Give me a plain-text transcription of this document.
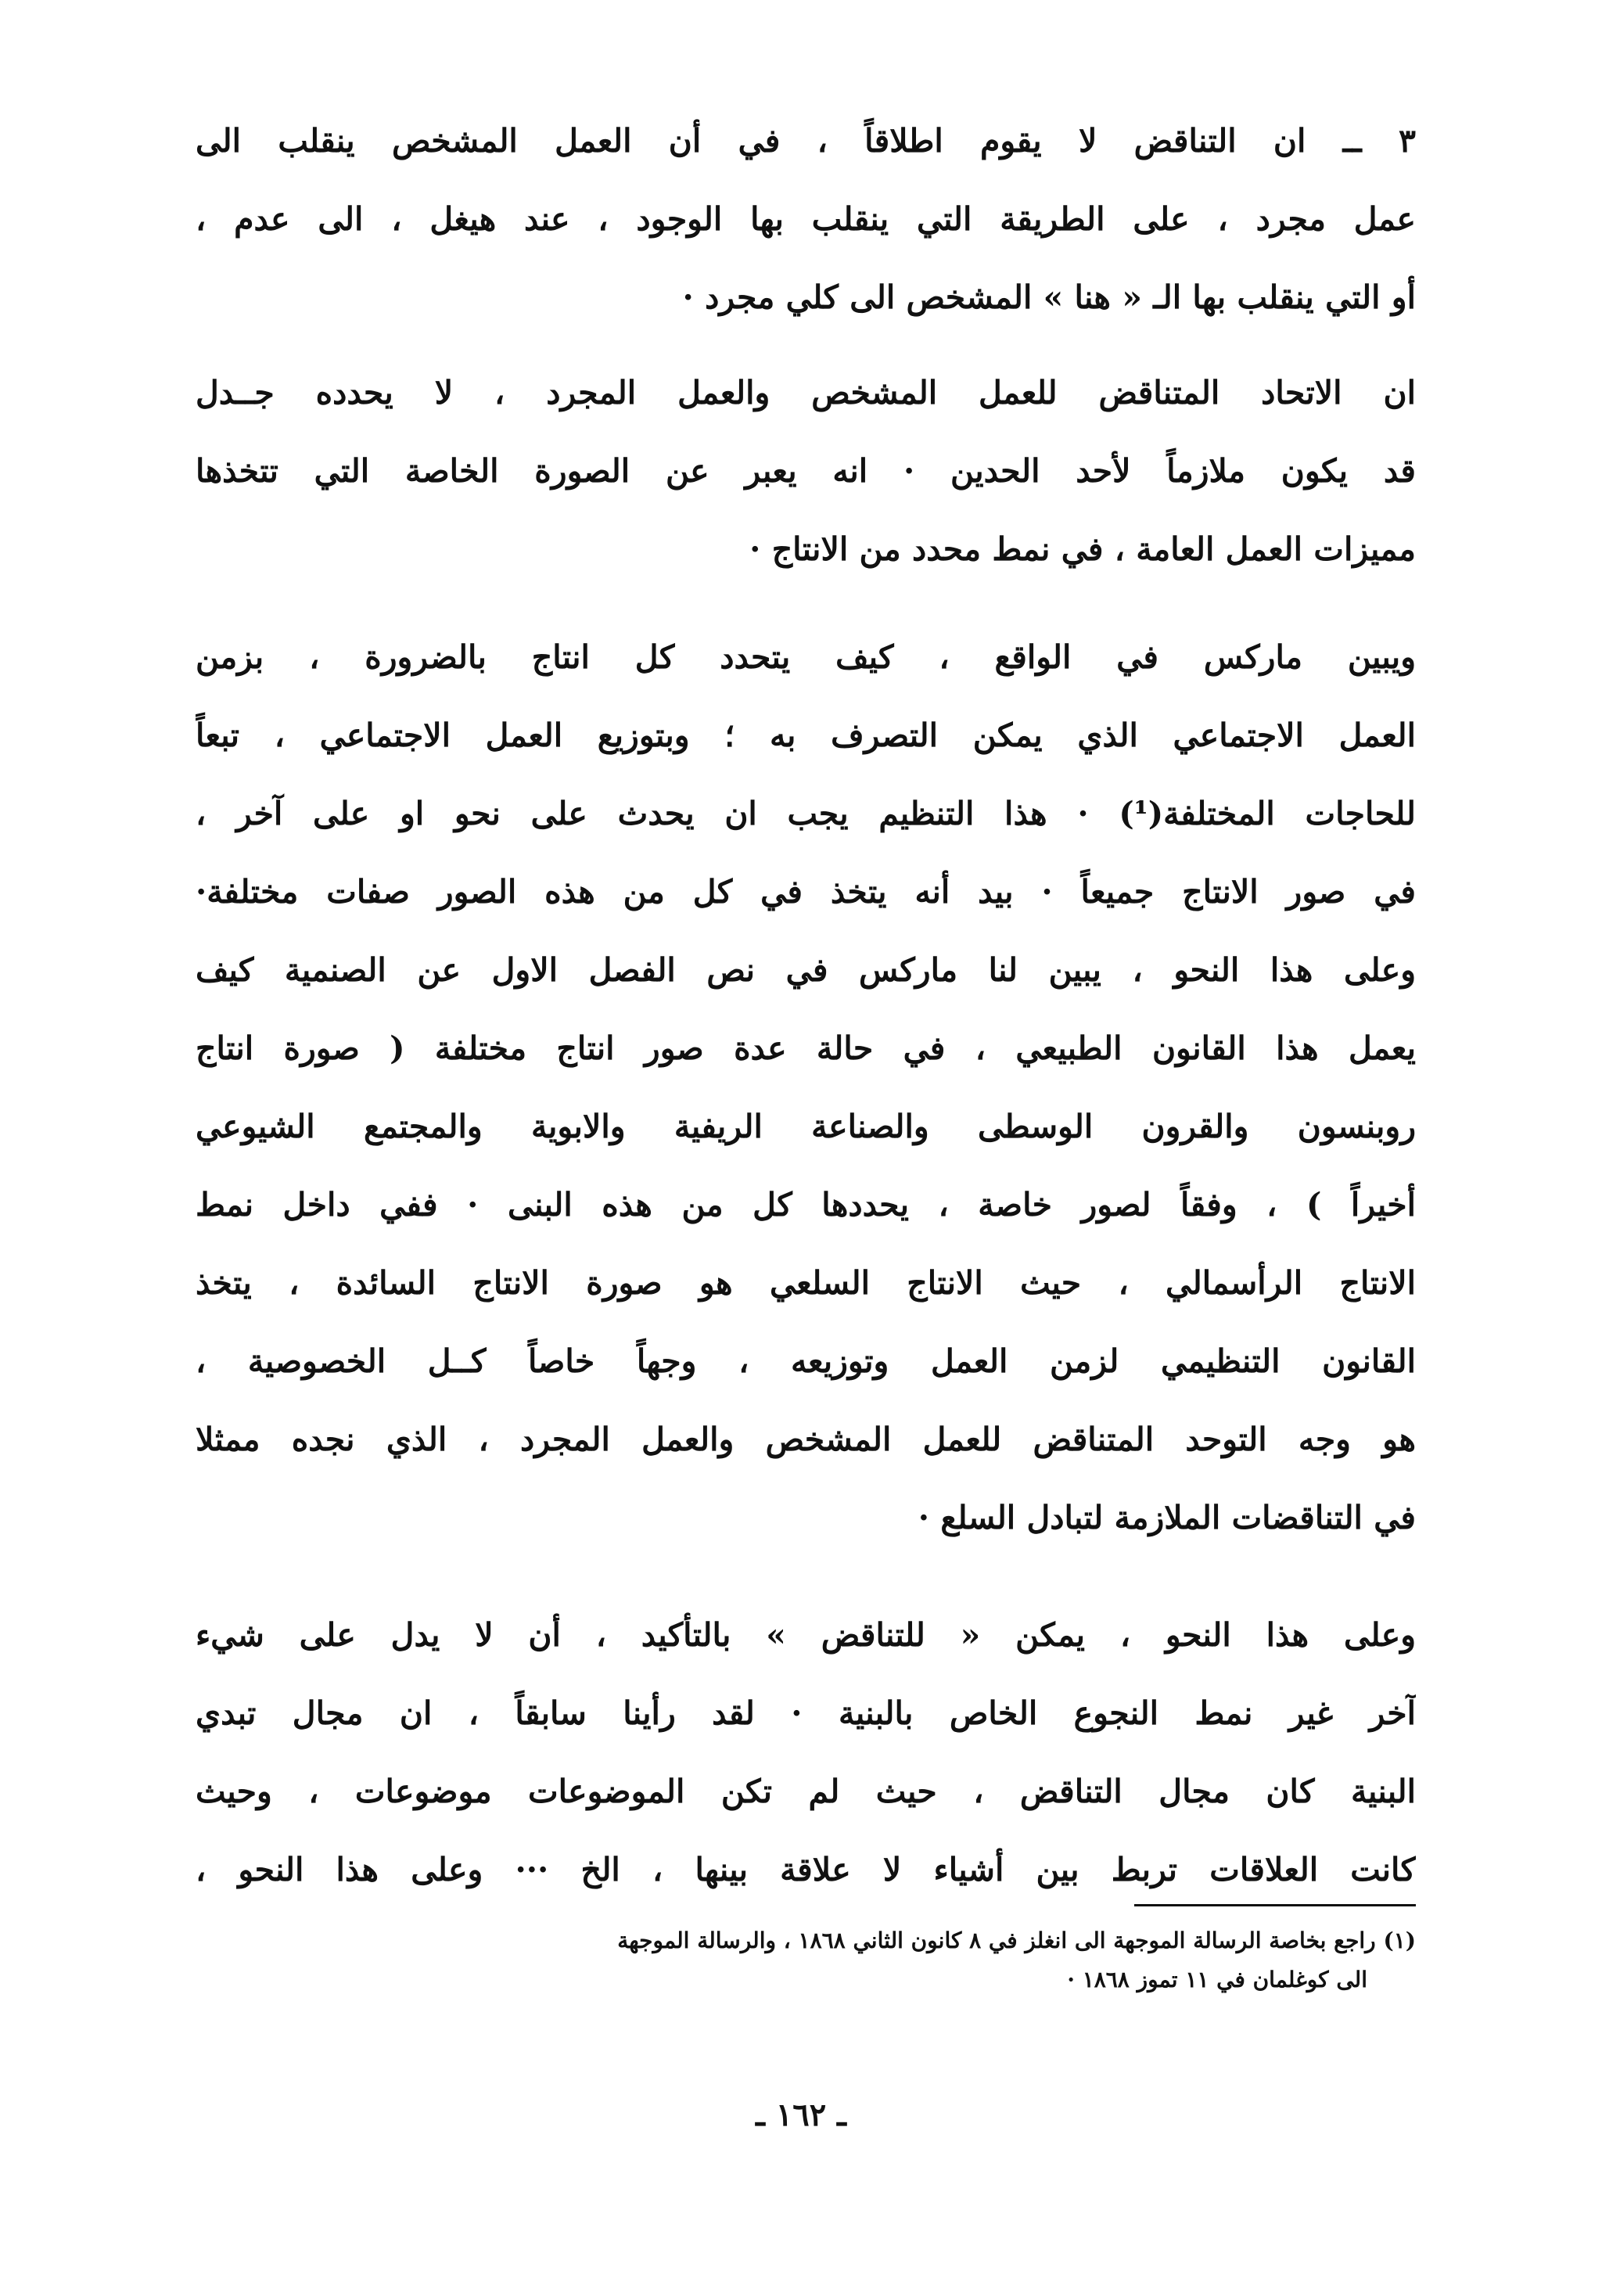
٣ ــ ان التناقض لا يقوم اطلاقاً ، في أن العمل المشخص ينقلب الى
عمل مجرد ، على الطريقة التي ينقلب بها الوجود ، عند هيغل ، الى عدم ،
أو التي ينقلب بها الـ « هنا » المشخص الى كلي مجرد ·
ان الاتحاد المتناقض للعمل المشخص والعمل المجرد ، لا يحدده جــدل
قد يكون ملازماً لأحد الحدين · انه يعبر عن الصورة الخاصة التي تتخذها
مميزات العمل العامة ، في نمط محدد من الانتاج ·
ويبين ماركس في الواقع ، كيف يتحدد كل انتاج بالضرورة ، بزمن
العمل الاجتماعي الذي يمكن التصرف به ؛ وبتوزيع العمل الاجتماعي ، تبعاً
للحاجات المختلفة(¹) · هذا التنظيم يجب ان يحدث على نحو او على آخر ،
في صور الانتاج جميعاً · بيد أنه يتخذ في كل من هذه الصور صفات مختلفة·
وعلى هذا النحو ، يبين لنا ماركس في نص الفصل الاول عن الصنمية كيف
يعمل هذا القانون الطبيعي ، في حالة عدة صور انتاج مختلفة ( صورة انتاج
روبنسون والقرون الوسطى والصناعة الريفية والابوية والمجتمع الشيوعي
أخيراً ) ، وفقاً لصور خاصة ، يحددها كل من هذه البنى · ففي داخل نمط
الانتاج الرأسمالي ، حيث الانتاج السلعي هو صورة الانتاج السائدة ، يتخذ
القانون التنظيمي لزمن العمل وتوزيعه ، وجهاً خاصاً كــل الخصوصية ،
هو وجه التوحد المتناقض للعمل المشخص والعمل المجرد ، الذي نجده ممثلا
في التناقضات الملازمة لتبادل السلع ·
وعلى هذا النحو ، يمكن « للتناقض » بالتأكيد ، أن لا يدل على شيء
آخر غير نمط النجوع الخاص بالبنية · لقد رأينا سابقاً ، ان مجال تبدي
البنية كان مجال التناقض ، حيث لم تكن الموضوعات موضوعات ، وحيث
كانت العلاقات تربط بين أشياء لا علاقة بينها ، الخ ··· وعلى هذا النحو ،
(١) راجع بخاصة الرسالة الموجهة الى انغلز في ٨ كانون الثاني ١٨٦٨ ، والرسالة الموجهة
الى كوغلمان في ١١ تموز ١٨٦٨ ·
ـ ١٦٢ ـ
